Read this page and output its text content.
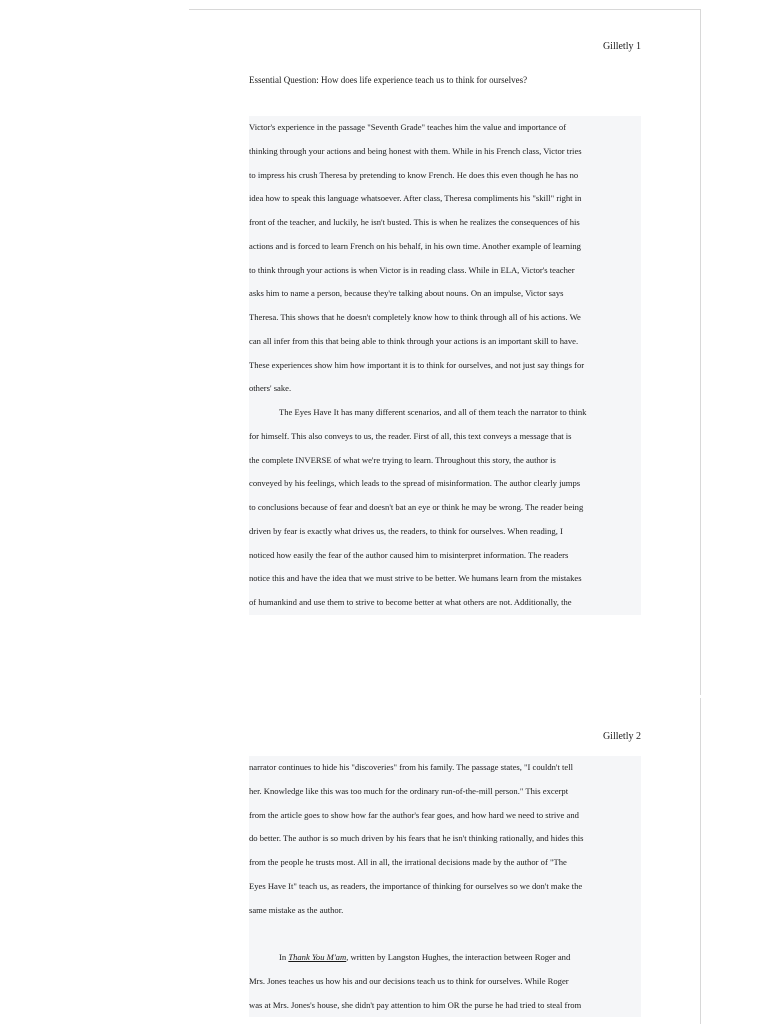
Gilletly 1
Essential Question: How does life experience teach us to think for ourselves?

Victor's experience in the passage "Seventh Grade" teaches him the value and importance of
thinking through your actions and being honest with them. While in his French class, Victor tries
to impress his crush Theresa by pretending to know French. He does this even though he has no
idea how to speak this language whatsoever. After class, Theresa compliments his "skill" right in
front of the teacher, and luckily, he isn't busted. This is when he realizes the consequences of his
actions and is forced to learn French on his behalf, in his own time. Another example of learning
to think through your actions is when Victor is in reading class. While in ELA, Victor's teacher
asks him to name a person, because they're talking about nouns. On an impulse, Victor says
Theresa. This shows that he doesn't completely know how to think through all of his actions. We
can all infer from this that being able to think through your actions is an important skill to have.
These experiences show him how important it is to think for ourselves, and not just say things for
others' sake.

The Eyes Have It has many different scenarios, and all of them teach the narrator to think
for himself. This also conveys to us, the reader. First of all, this text conveys a message that is
the complete INVERSE of what we're trying to learn. Throughout this story, the author is
conveyed by his feelings, which leads to the spread of misinformation. The author clearly jumps
to conclusions because of fear and doesn't bat an eye or think he may be wrong. The reader being
driven by fear is exactly what drives us, the readers, to think for ourselves. When reading, I
noticed how easily the fear of the author caused him to misinterpret information. The readers
notice this and have the idea that we must strive to be better. We humans learn from the mistakes
of humankind and use them to strive to become better at what others are not. Additionally, the

Gilletly 2

narrator continues to hide his "discoveries" from his family. The passage states, "I couldn't tell
her. Knowledge like this was too much for the ordinary run-of-the-mill person." This excerpt
from the article goes to show how far the author's fear goes, and how hard we need to strive and
do better. The author is so much driven by his fears that he isn't thinking rationally, and hides this
from the people he trusts most. All in all, the irrational decisions made by the author of "The
Eyes Have It" teach us, as readers, the importance of thinking for ourselves so we don't make the
same mistake as the author.

In Thank You M'am, written by Langston Hughes, the interaction between Roger and
Mrs. Jones teaches us how his and our decisions teach us to think for ourselves. While Roger
was at Mrs. Jones's house, she didn't pay attention to him OR the purse he had tried to steal from
